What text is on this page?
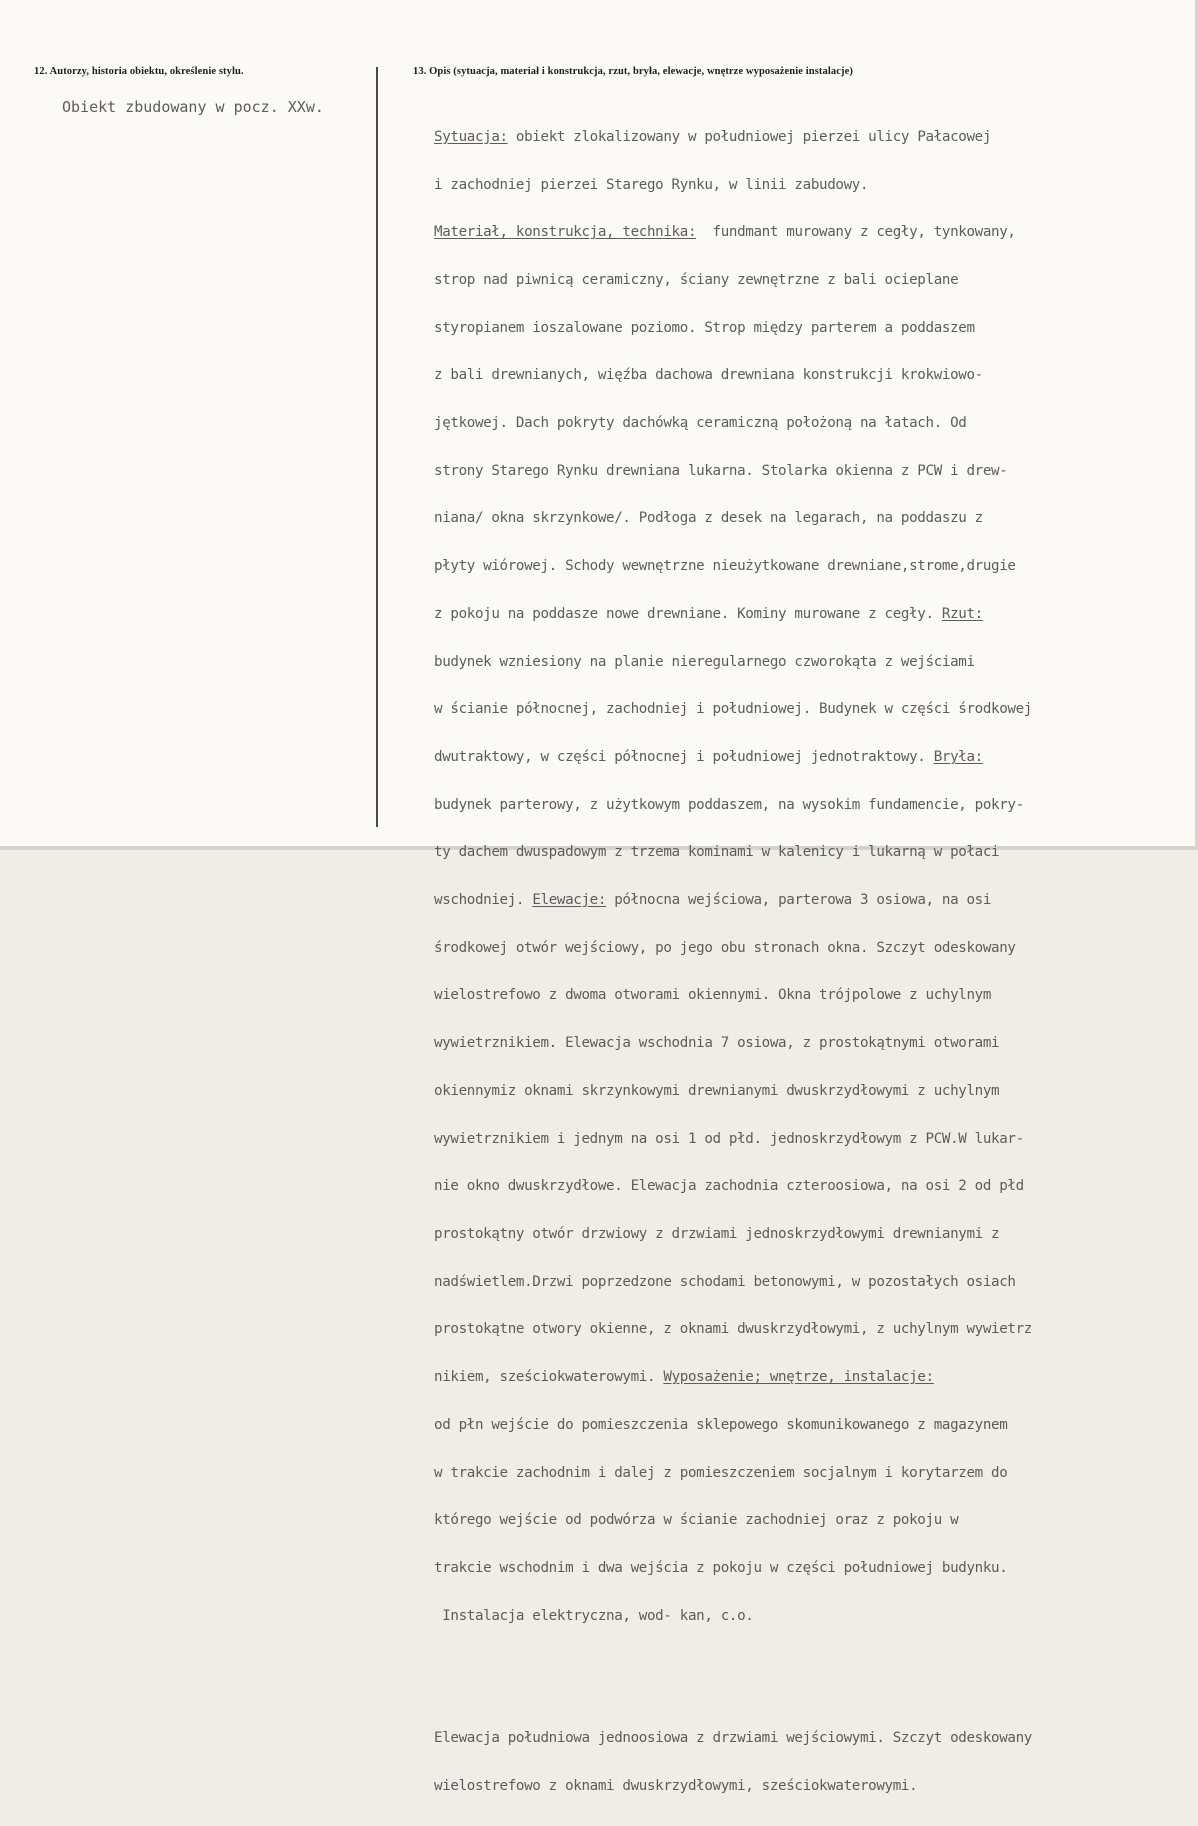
12. Autorzy, historia obiektu, określenie stylu.	13. Opis (sytuacja, materiał i konstrukcja, rzut, bryła, elewacje, wnętrze wyposażenie instalacje)
Obiekt zbudowany w pocz. XXw.

Sytuacja: obiekt zlokalizowany w południowej pierzei ulicy Pałacowej

i zachodniej pierzei Starego Rynku, w linii zabudowy.

Materiał, konstrukcja, technika:  fundmant murowany z cegły, tynkowany,

strop nad piwnicą ceramiczny, ściany zewnętrzne z bali ocieplane

styropianem ioszalowane poziomo. Strop między parterem a poddaszem

z bali drewnianych, więźba dachowa drewniana konstrukcji krokwiowo-

jętkowej. Dach pokryty dachówką ceramiczną położoną na łatach. Od

strony Starego Rynku drewniana lukarna. Stolarka okienna z PCW i drew-

niana/ okna skrzynkowe/. Podłoga z desek na legarach, na poddaszu z

płyty wiórowej. Schody wewnętrzne nieużytkowane drewniane,strome,drugie

z pokoju na poddasze nowe drewniane. Kominy murowane z cegły. Rzut:

budynek wzniesiony na planie nieregularnego czworokąta z wejściami

w ścianie północnej, zachodniej i południowej. Budynek w części środkowej

dwutraktowy, w części północnej i południowej jednotraktowy. Bryła:

budynek parterowy, z użytkowym poddaszem, na wysokim fundamencie, pokry-

ty dachem dwuspadowym z trzema kominami w kalenicy i lukarną w połaci

wschodniej. Elewacje: północna wejściowa, parterowa 3 osiowa, na osi

środkowej otwór wejściowy, po jego obu stronach okna. Szczyt odeskowany

wielostrefowo z dwoma otworami okiennymi. Okna trójpolowe z uchylnym

wywietrznikiem. Elewacja wschodnia 7 osiowa, z prostokątnymi otworami

okiennymiz oknami skrzynkowymi drewnianymi dwuskrzydłowymi z uchylnym

wywietrznikiem i jednym na osi 1 od płd. jednoskrzydłowym z PCW.W lukar-

nie okno dwuskrzydłowe. Elewacja zachodnia czteroosiowa, na osi 2 od płd

prostokątny otwór drzwiowy z drzwiami jednoskrzydłowymi drewnianymi z

nadświetlem.Drzwi poprzedzone schodami betonowymi, w pozostałych osiach

prostokątne otwory okienne, z oknami dwuskrzydłowymi, z uchylnym wywietrz

nikiem, sześciokwaterowymi. Wyposażenie; wnętrze, instalacje:

od płn wejście do pomieszczenia sklepowego skomunikowanego z magazynem

w trakcie zachodnim i dalej z pomieszczeniem socjalnym i korytarzem do

którego wejście od podwórza w ścianie zachodniej oraz z pokoju w

trakcie wschodnim i dwa wejścia z pokoju w części południowej budynku.

Instalacja elektryczna, wod- kan, c.o.

Elewacja południowa jednoosiowa z drzwiami wejściowymi. Szczyt odeskowany

wielostrefowo z oknami dwuskrzydłowymi, sześciokwaterowymi.
